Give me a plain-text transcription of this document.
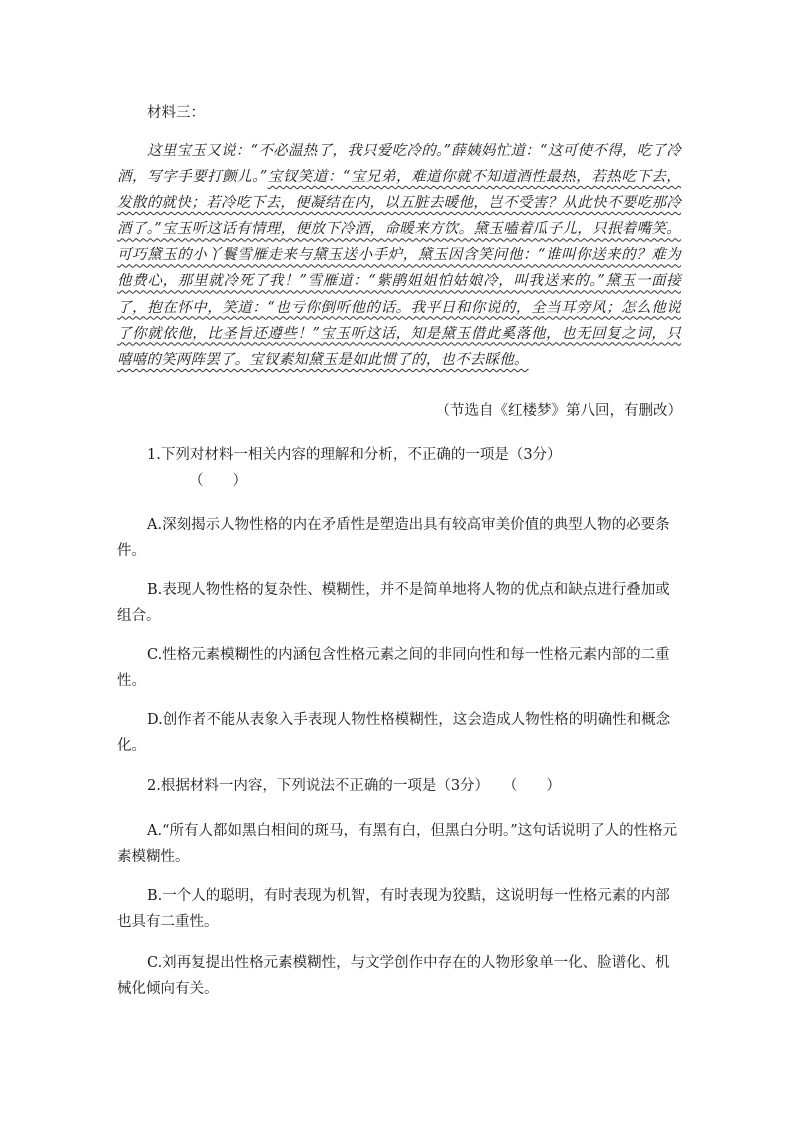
材料三：
这里宝玉又说：“不必温热了，我只爱吃冷的。”薛姨妈忙道：“这可使不得，吃了冷酒，写字手要打颤儿。”宝钗笑道：“宝兄弟，难道你就不知道酒性最热，若热吃下去，发散的就快；若冷吃下去，便凝结在内，以五脏去暖他，岂不受害？从此快不要吃那冷酒了。”宝玉听这话有情理，便放下冷酒，命暖来方饮。黛玉嗑着瓜子儿，只抿着嘴笑。可巧黛玉的小丫鬟雪雁走来与黛玉送小手炉，黛玉因含笑问他：“谁叫你送来的？难为他费心，那里就冷死了我！”雪雁道：“紫鹃姐姐怕姑娘冷，叫我送来的。”黛玉一面接了，抱在怀中，笑道：“也亏你倒听他的话。我平日和你说的，全当耳旁风；怎么他说了你就依他，比圣旨还遵些！”宝玉听这话，知是黛玉借此奚落他，也无回复之词，只嘻嘻的笑两阵罢了。宝钗素知黛玉是如此惯了的，也不去睬他。
（节选自《红楼梦》第八回，有删改）
1.下列对材料一相关内容的理解和分析，不正确的一项是（3分）
（　　）
A.深刻揭示人物性格的内在矛盾性是塑造出具有较高审美价值的典型人物的必要条件。
B.表现人物性格的复杂性、模糊性，并不是简单地将人物的优点和缺点进行叠加或组合。
C.性格元素模糊性的内涵包含性格元素之间的非同向性和每一性格元素内部的二重性。
D.创作者不能从表象入手表现人物性格模糊性，这会造成人物性格的明确性和概念化。
2.根据材料一内容，下列说法不正确的一项是（3分） （　　）
A.“所有人都如黑白相间的斑马，有黑有白，但黑白分明。”这句话说明了人的性格元素模糊性。
B.一个人的聪明，有时表现为机智，有时表现为狡黠，这说明每一性格元素的内部也具有二重性。
C.刘再复提出性格元素模糊性，与文学创作中存在的人物形象单一化、脸谱化、机械化倾向有关。
